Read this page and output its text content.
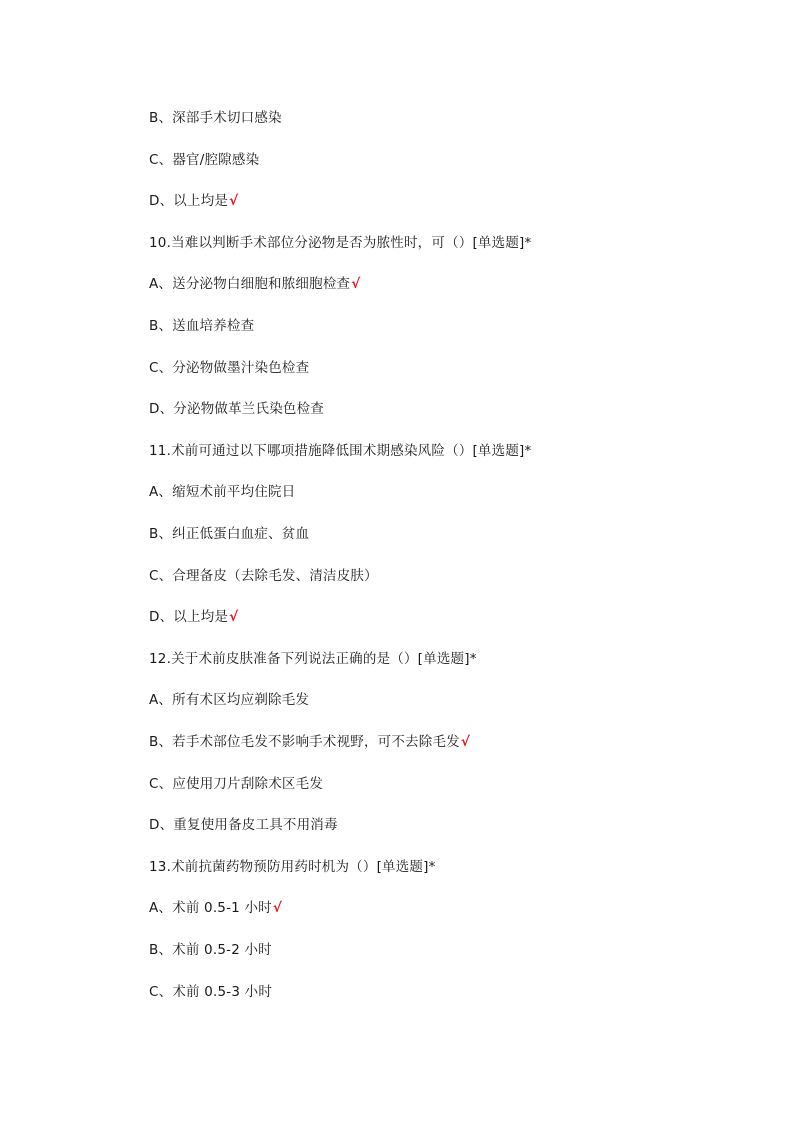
B、深部手术切口感染
C、器官/腔隙感染
D、以上均是√
10.当难以判断手术部位分泌物是否为脓性时，可（）[单选题]*
A、送分泌物白细胞和脓细胞检查√
B、送血培养检查
C、分泌物做墨汁染色检查
D、分泌物做革兰氏染色检查
11.术前可通过以下哪项措施降低围术期感染风险（）[单选题]*
A、缩短术前平均住院日
B、纠正低蛋白血症、贫血
C、合理备皮（去除毛发、清洁皮肤）
D、以上均是√
12.关于术前皮肤准备下列说法正确的是（）[单选题]*
A、所有术区均应剃除毛发
B、若手术部位毛发不影响手术视野，可不去除毛发√
C、应使用刀片刮除术区毛发
D、重复使用备皮工具不用消毒
13.术前抗菌药物预防用药时机为（）[单选题]*
A、术前 0.5-1 小时√
B、术前 0.5-2 小时
C、术前 0.5-3 小时
